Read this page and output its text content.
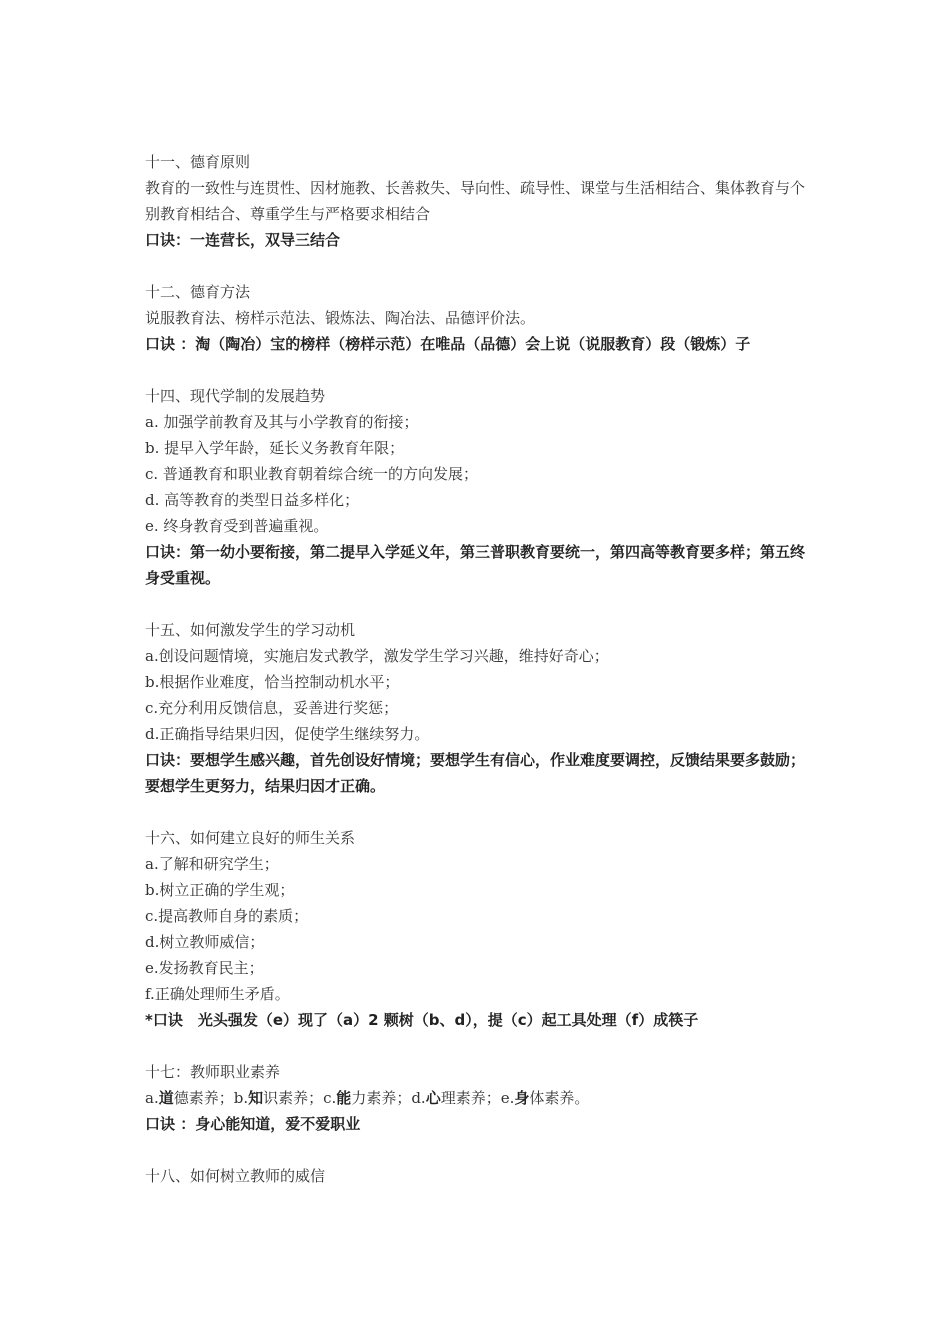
十一、德育原则
教育的一致性与连贯性、因材施教、长善救失、导向性、疏导性、课堂与生活相结合、集体教育与个别教育相结合、尊重学生与严格要求相结合
口诀：一连营长，双导三结合
十二、德育方法
说服教育法、榜样示范法、锻炼法、陶冶法、品德评价法。
口诀 ：淘（陶冶）宝的榜样（榜样示范）在唯品（品德）会上说（说服教育）段（锻炼）子
十四、现代学制的发展趋势
a. 加强学前教育及其与小学教育的衔接；
b. 提早入学年龄，延长义务教育年限；
c. 普通教育和职业教育朝着综合统一的方向发展；
d. 高等教育的类型日益多样化；
e. 终身教育受到普遍重视。
口诀：第一幼小要衔接，第二提早入学延义年，第三普职教育要统一，第四高等教育要多样；第五终身受重视。
十五、如何激发学生的学习动机
a.创设问题情境，实施启发式教学，激发学生学习兴趣，维持好奇心；
b.根据作业难度，恰当控制动机水平；
c.充分利用反馈信息，妥善进行奖惩；
d.正确指导结果归因，促使学生继续努力。
口诀：要想学生感兴趣，首先创设好情境；要想学生有信心，作业难度要调控，反馈结果要多鼓励；要想学生更努力，结果归因才正确。
十六、如何建立良好的师生关系
a.了解和研究学生；
b.树立正确的学生观；
c.提高教师自身的素质；
d.树立教师威信；
e.发扬教育民主；
f.正确处理师生矛盾。
*口诀　光头强发（e）现了（a）2 颗树（b、d），提（c）起工具处理（f）成筷子
十七：教师职业素养
a.道德素养；b.知识素养；c.能力素养；d.心理素养；e.身体素养。
口诀 ：身心能知道，爱不爱职业
十八、如何树立教师的威信
